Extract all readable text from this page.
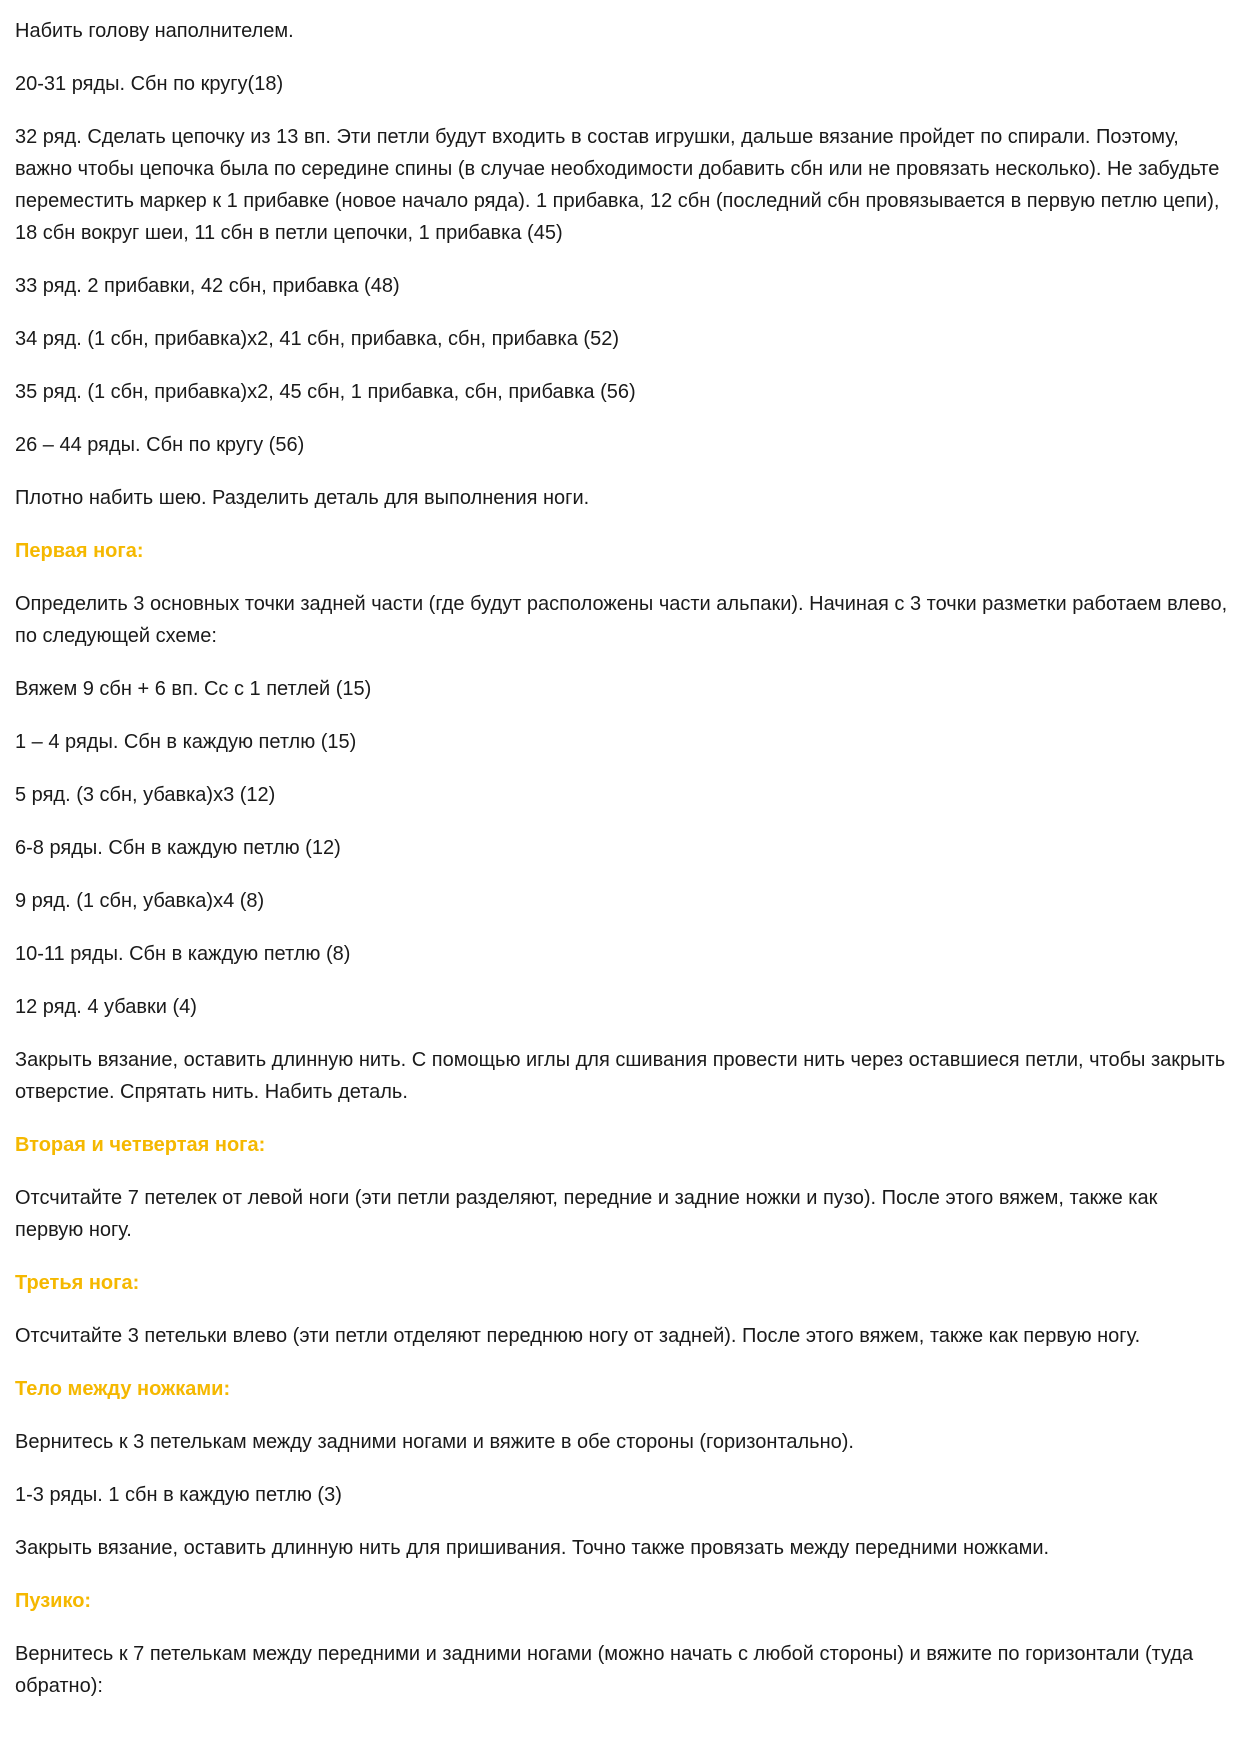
Набить голову наполнителем.

20-31 ряды. Сбн по кругу(18)

32 ряд. Сделать цепочку из 13 вп. Эти петли будут входить в состав игрушки, дальше вязание пройдет по спирали. Поэтому, важно чтобы цепочка была по середине спины (в случае необходимости добавить сбн или не провязать несколько). Не забудьте переместить маркер к 1 прибавке (новое начало ряда). 1 прибавка, 12 сбн (последний сбн провязывается в первую петлю цепи), 18 сбн вокруг шеи, 11 сбн в петли цепочки, 1 прибавка (45)

33 ряд. 2 прибавки, 42 сбн, прибавка (48)

34 ряд. (1 сбн, прибавка)х2, 41 сбн, прибавка, сбн, прибавка (52)

35 ряд. (1 сбн, прибавка)х2, 45 сбн, 1 прибавка, сбн, прибавка (56)

26 – 44 ряды. Сбн по кругу (56)

Плотно набить шею. Разделить деталь для выполнения ноги.

Первая нога:

Определить 3 основных точки задней части (где будут расположены части альпаки). Начиная с 3 точки разметки работаем влево, по следующей схеме:

Вяжем 9 сбн + 6 вп. Сс с 1 петлей (15)

1 – 4 ряды. Сбн в каждую петлю (15)

5 ряд. (3 сбн, убавка)х3 (12)

6-8 ряды. Сбн в каждую петлю (12)

9 ряд. (1 сбн, убавка)х4 (8)

10-11 ряды. Сбн в каждую петлю (8)

12 ряд. 4 убавки (4)

Закрыть вязание, оставить длинную нить. С помощью иглы для сшивания провести нить через оставшиеся петли, чтобы закрыть отверстие. Спрятать нить. Набить деталь.

Вторая и четвертая нога:

Отсчитайте 7 петелек от левой ноги (эти петли разделяют, передние и задние ножки и пузо). После этого вяжем, также как первую ногу.

Третья нога:

Отсчитайте 3 петельки влево (эти петли отделяют переднюю ногу от задней). После этого вяжем, также как первую ногу.

Тело между ножками:

Вернитесь к 3 петелькам между задними ногами и вяжите в обе стороны (горизонтально).

1-3 ряды. 1 сбн в каждую петлю (3)

Закрыть вязание, оставить длинную нить для пришивания. Точно также провязать между передними ножками.

Пузико:

Вернитесь к 7 петелькам между передними и задними ногами (можно начать с любой стороны) и вяжите по горизонтали (туда обратно):
